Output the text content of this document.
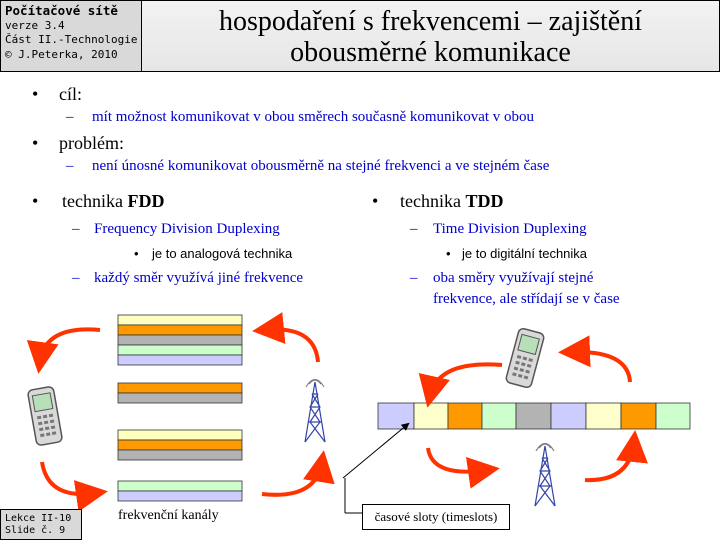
Počítačové sítě
verze 3.4
Část II.-Technologie
© J.Peterka, 2010
hospodaření s frekvencemi – zajištění
obousměrné komunikace
• cíl:
– mít možnost komunikovat v obou směrech současně komunikovat v obou
• problém:
– není únosné komunikovat obousměrně na stejné frekvenci a ve stejném čase
• technika FDD
– Frequency Division Duplexing
• je to analogová technika
– každý směr využívá jiné frekvence
• technika TDD
– Time Division Duplexing
• je to digitální technika
– oba směry využívají stejné
frekvence, ale střídají se v čase
frekvenční kanály	časové sloty (timeslots)
Lekce II-10
Slide č. 9
